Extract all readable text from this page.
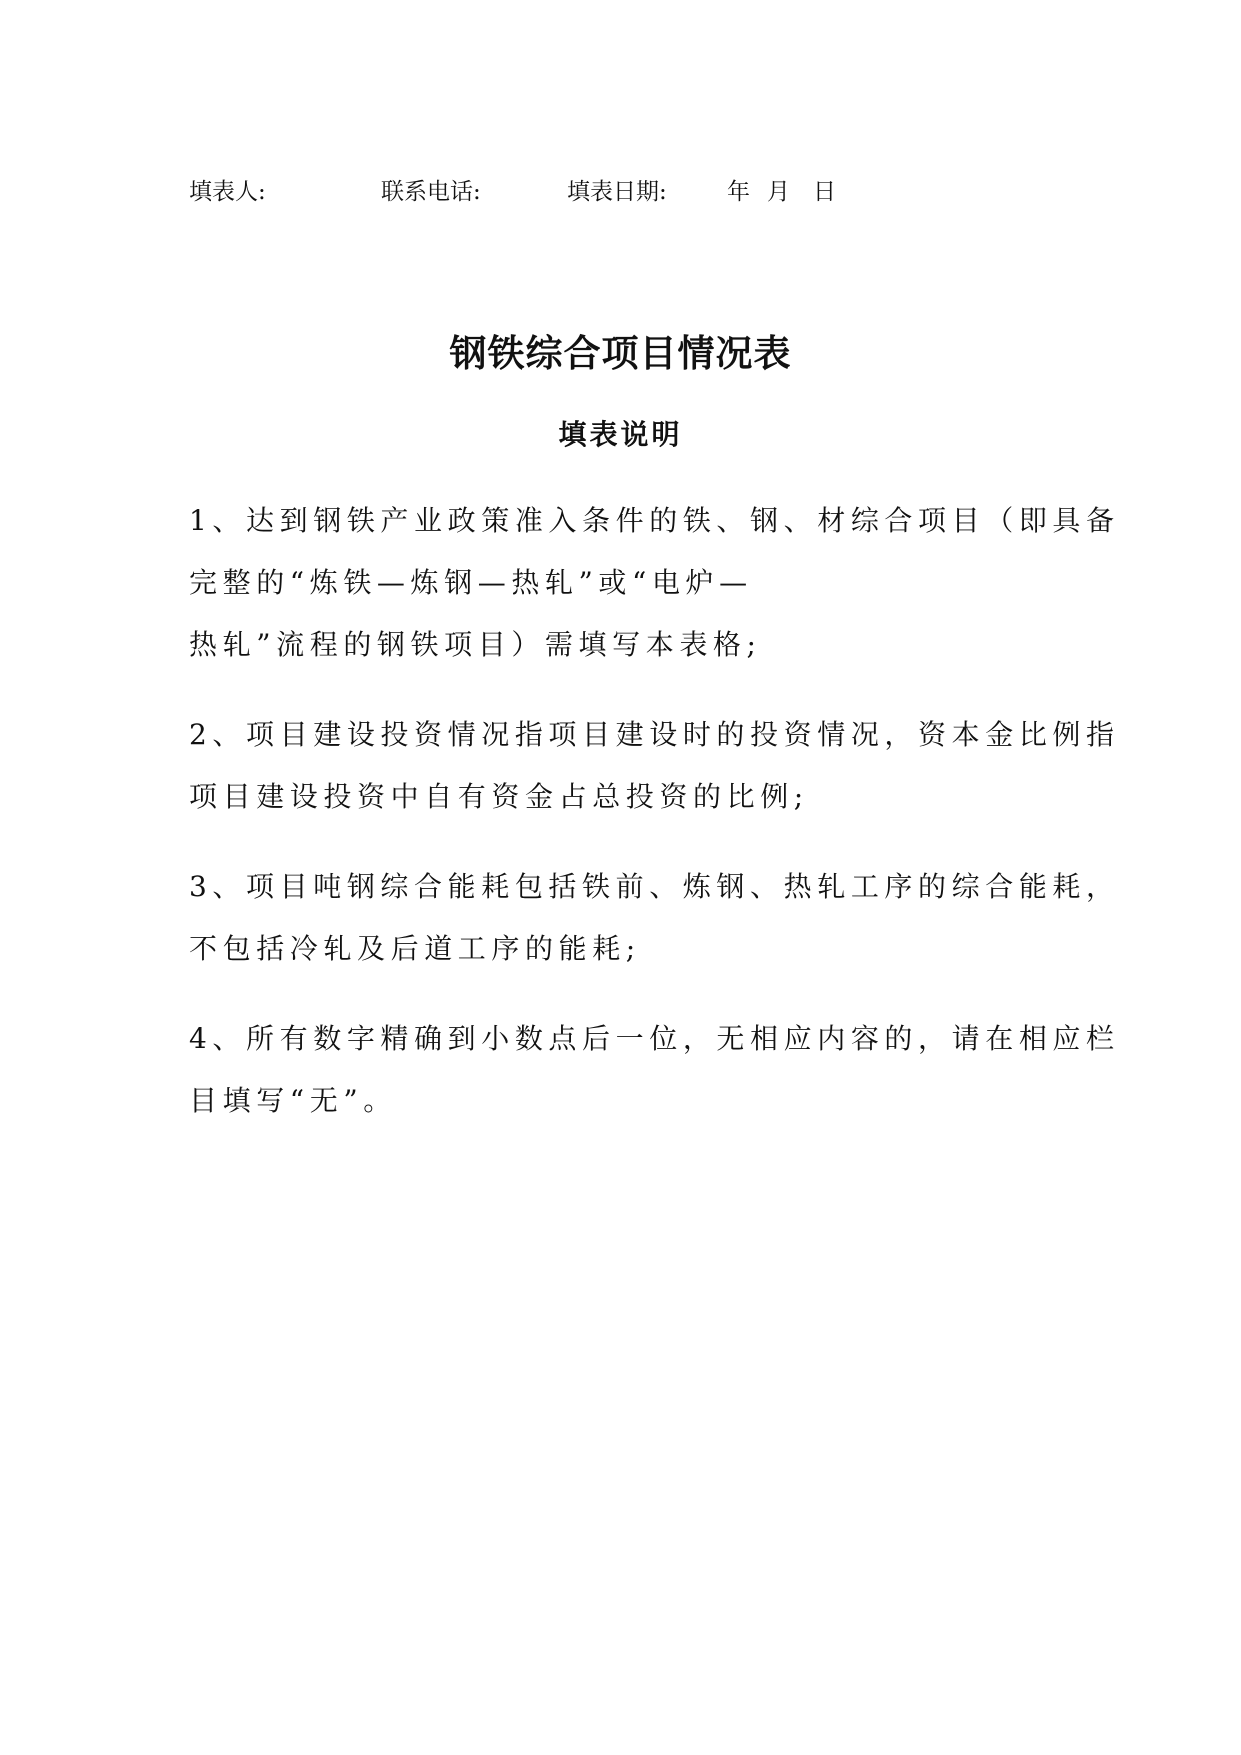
填表人:	联系电话:	填表日期:	年 月 日
钢铁综合项目情况表
填表说明
1、达到钢铁产业政策准入条件的铁、钢、材综合项目（即具备
完整的“炼铁—炼钢—热轧”或“电炉—
热轧”流程的钢铁项目）需填写本表格;
2、项目建设投资情况指项目建设时的投资情况，资本金比例指
项目建设投资中自有资金占总投资的比例;
3、项目吨钢综合能耗包括铁前、炼钢、热轧工序的综合能耗，
不包括冷轧及后道工序的能耗;
4、所有数字精确到小数点后一位，无相应内容的，请在相应栏
目填写“无”。
